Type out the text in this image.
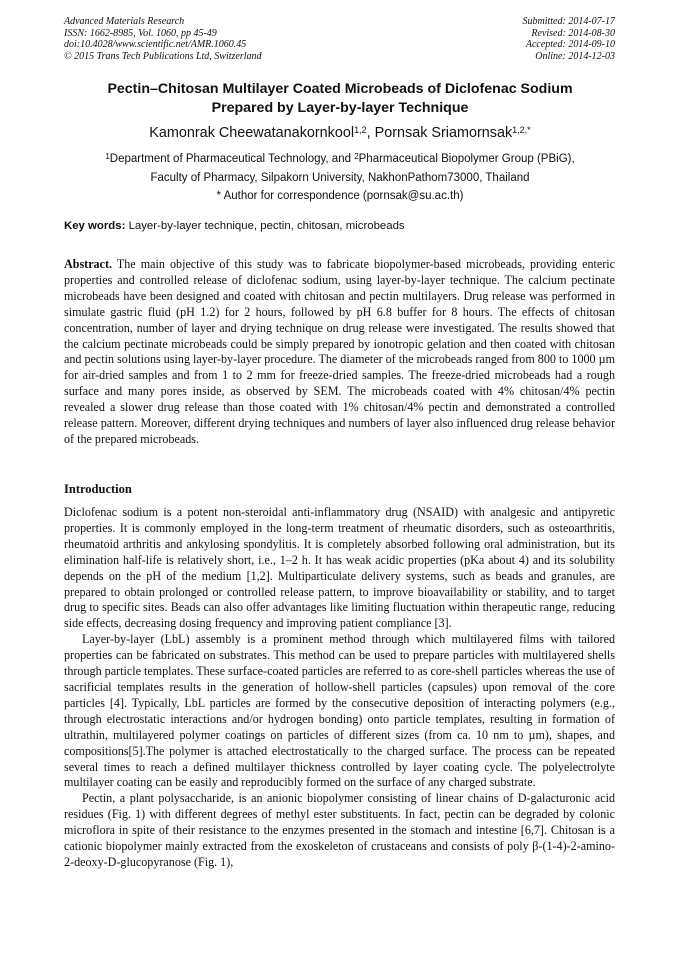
Advanced Materials Research
ISSN: 1662-8985, Vol. 1060, pp 45-49
doi:10.4028/www.scientific.net/AMR.1060.45
© 2015 Trans Tech Publications Ltd, Switzerland
Submitted: 2014-07-17
Revised: 2014-08-30
Accepted: 2014-09-10
Online: 2014-12-03
Pectin–Chitosan Multilayer Coated Microbeads of Diclofenac Sodium
Prepared by Layer-by-layer Technique
Kamonrak Cheewatanakornkool$^{1,2}$, Pornsak Sriamornsak$^{1,2,*}$
$^1$Department of Pharmaceutical Technology, and $^2$Pharmaceutical Biopolymer Group (PBiG),
Faculty of Pharmacy, Silpakorn University, NakhonPathom73000, Thailand
* Author for correspondence (pornsak@su.ac.th)
Key words: Layer-by-layer technique, pectin, chitosan, microbeads
Abstract. The main objective of this study was to fabricate biopolymer-based microbeads, providing enteric properties and controlled release of diclofenac sodium, using layer-by-layer technique. The calcium pectinate microbeads have been designed and coated with chitosan and pectin multilayers. Drug release was performed in simulate gastric fluid (pH 1.2) for 2 hours, followed by pH 6.8 buffer for 8 hours. The effects of chitosan concentration, number of layer and drying technique on drug release were investigated. The results showed that the calcium pectinate microbeads could be simply prepared by ionotropic gelation and then coated with chitosan and pectin solutions using layer-by-layer procedure. The diameter of the microbeads ranged from 800 to 1000 µm for air-dried samples and from 1 to 2 mm for freeze-dried samples. The freeze-dried microbeads had a rough surface and many pores inside, as observed by SEM. The microbeads coated with 4% chitosan/4% pectin revealed a slower drug release than those coated with 1% chitosan/4% pectin and demonstrated a controlled release pattern. Moreover, different drying techniques and numbers of layer also influenced drug release behavior of the prepared microbeads.
Introduction

Diclofenac sodium is a potent non-steroidal anti-inflammatory drug (NSAID) with analgesic and antipyretic properties. It is commonly employed in the long-term treatment of rheumatic disorders, such as osteoarthritis, rheumatoid arthritis and ankylosing spondylitis. It is completely absorbed following oral administration, but its elimination half-life is relatively short, i.e., 1–2 h. It has weak acidic properties (pKa about 4) and its solubility depends on the pH of the medium [1,2]. Multiparticulate delivery systems, such as beads and granules, are prepared to obtain prolonged or controlled release pattern, to improve bioavailability or stability, and to target drug to specific sites. Beads can also offer advantages like limiting fluctuation within therapeutic range, reducing side effects, decreasing dosing frequency and improving patient compliance [3].

Layer-by-layer (LbL) assembly is a prominent method through which multilayered films with tailored properties can be fabricated on substrates. This method can be used to prepare particles with multilayered shells through particle templates. These surface-coated particles are referred to as core-shell particles whereas the use of sacrificial templates results in the generation of hollow-shell particles (capsules) upon removal of the core particles [4]. Typically, LbL particles are formed by the consecutive deposition of interacting polymers (e.g., through electrostatic interactions and/or hydrogen bonding) onto particle templates, resulting in formation of ultrathin, multilayered polymer coatings on particles of different sizes (from ca. 10 nm to µm), shapes, and compositions[5].The polymer is attached electrostatically to the charged surface. The process can be repeated several times to reach a defined multilayer thickness controlled by layer coating cycle. The polyelectrolyte multilayer coating can be easily and reproducibly formed on the surface of any charged substrate.

Pectin, a plant polysaccharide, is an anionic biopolymer consisting of linear chains of D-galacturonic acid residues (Fig. 1) with different degrees of methyl ester substituents. In fact, pectin can be degraded by colonic microflora in spite of their resistance to the enzymes presented in the stomach and intestine [6,7]. Chitosan is a cationic biopolymer mainly extracted from the exoskeleton of crustaceans and consists of poly β-(1-4)-2-amino-2-deoxy-D-glucopyranose (Fig. 1),
